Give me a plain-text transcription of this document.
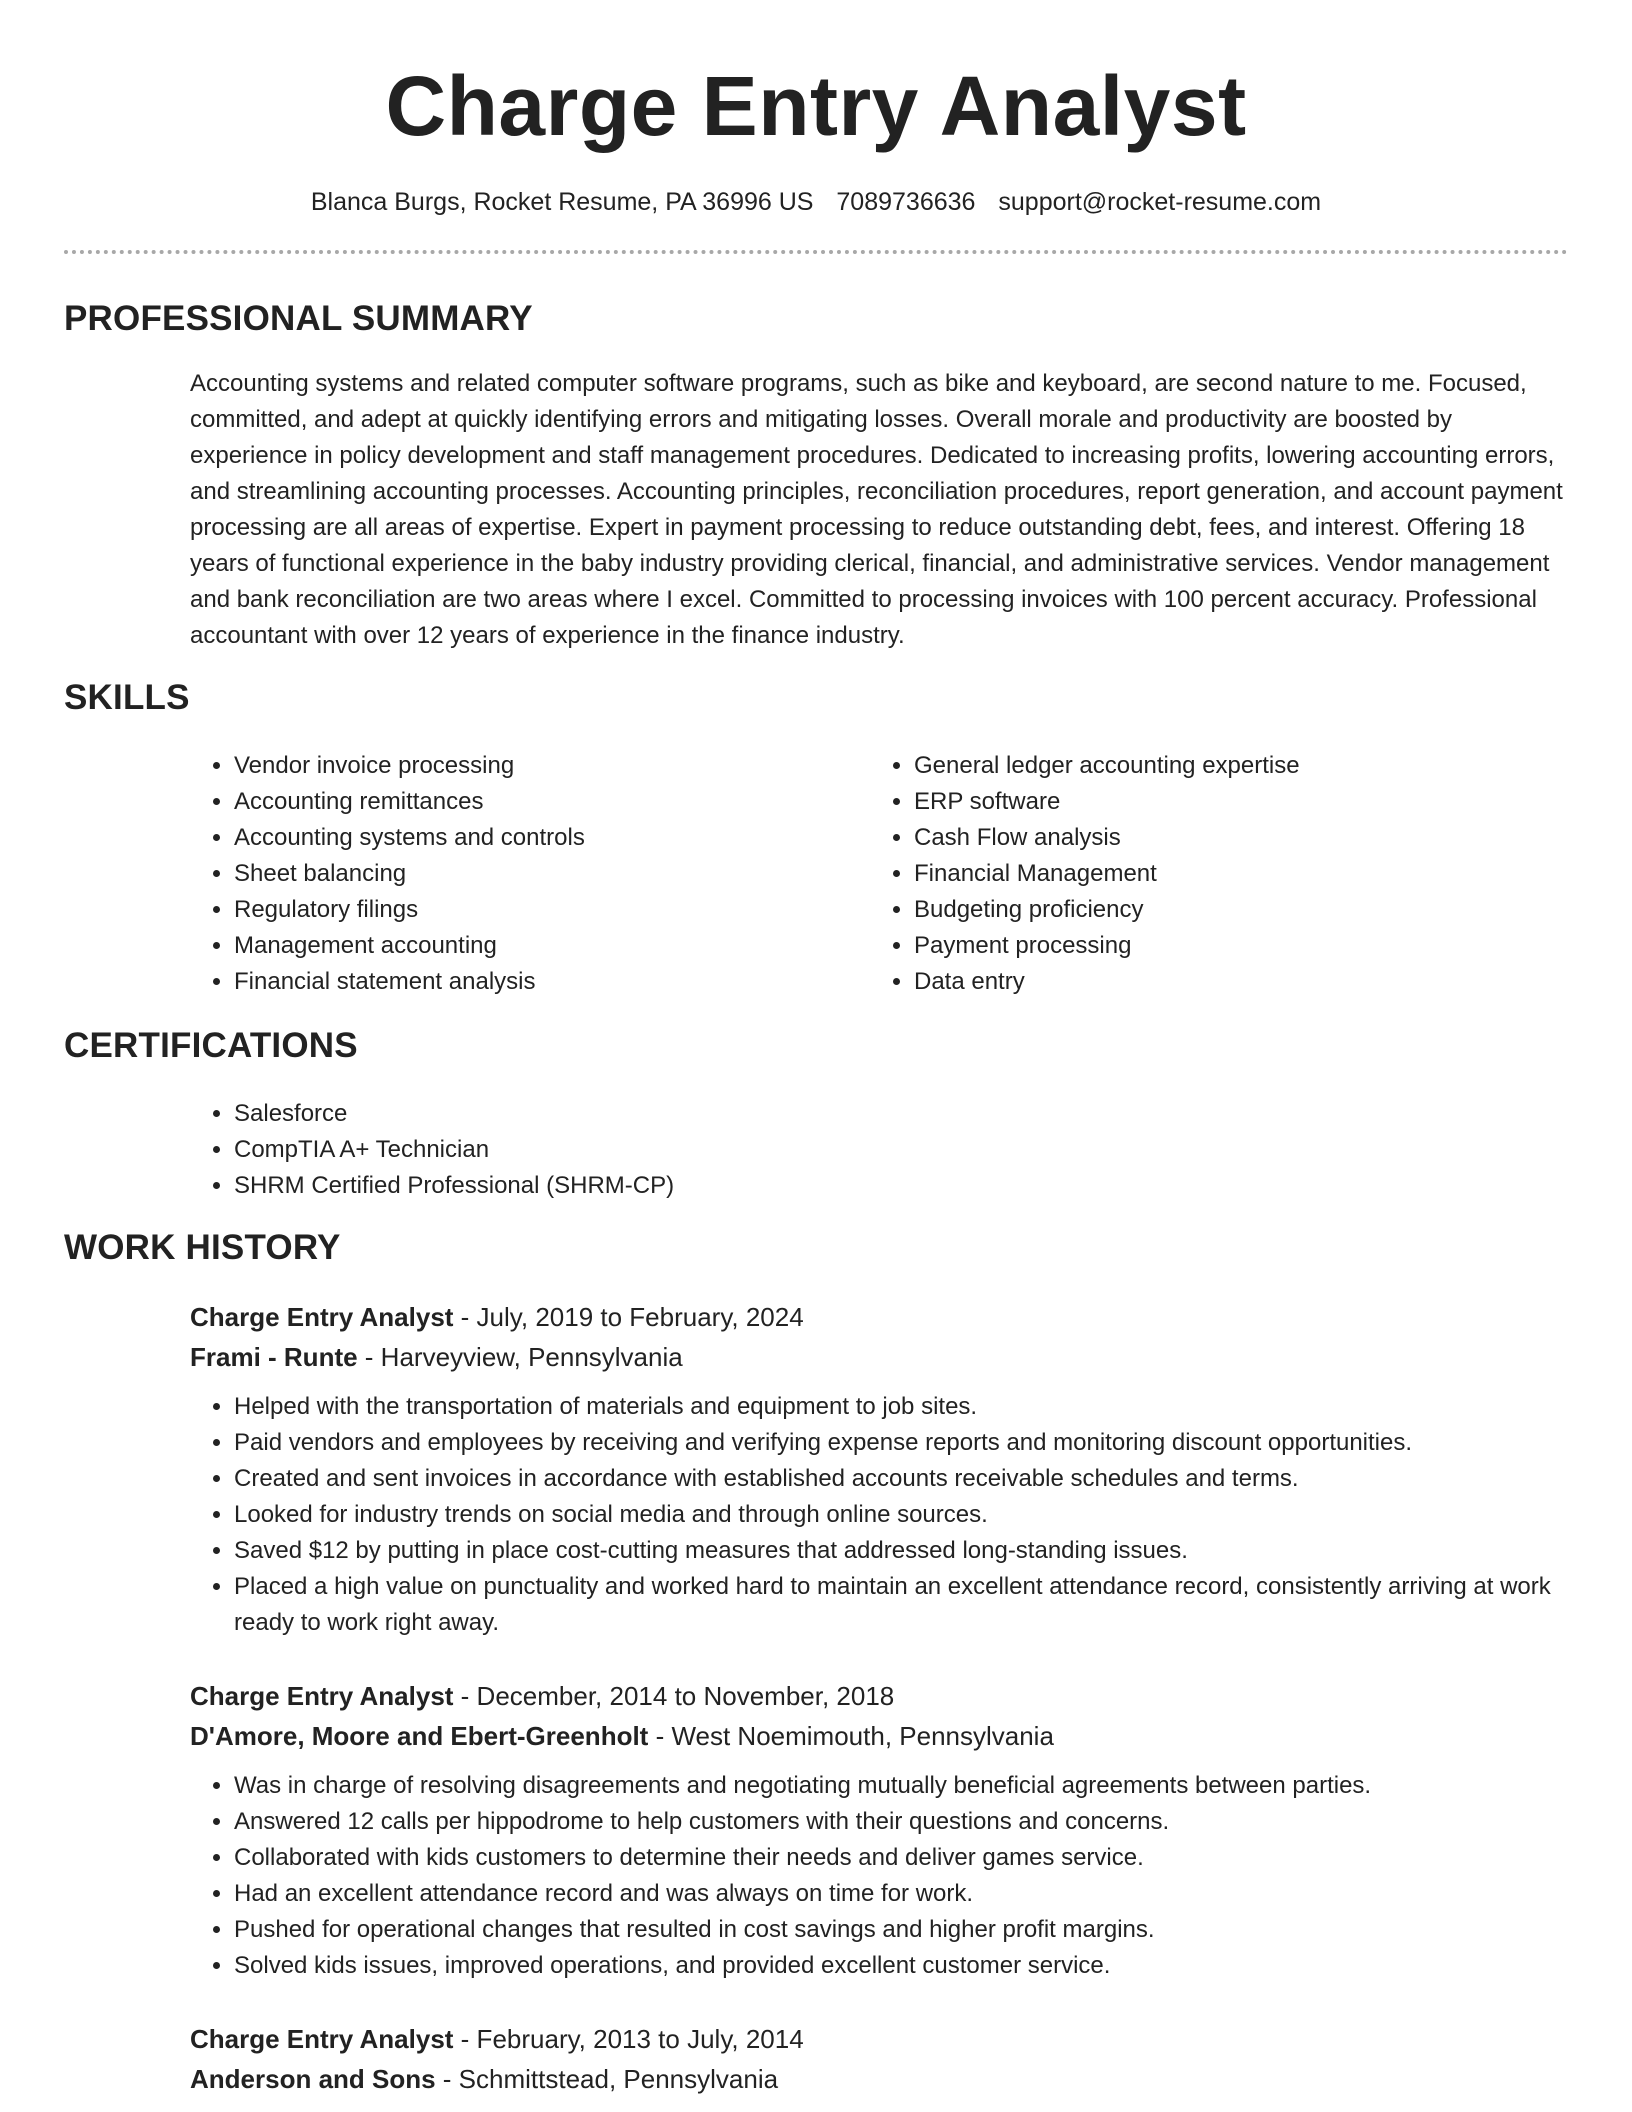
Charge Entry Analyst
Blanca Burgs, Rocket Resume, PA 36996 US 7089736636 support@rocket-resume.com
PROFESSIONAL SUMMARY

Accounting systems and related computer software programs, such as bike and keyboard, are second nature to me. Focused, committed, and adept at quickly identifying errors and mitigating losses. Overall morale and productivity are boosted by experience in policy development and staff management procedures. Dedicated to increasing profits, lowering accounting errors, and streamlining accounting processes. Accounting principles, reconciliation procedures, report generation, and account payment processing are all areas of expertise. Expert in payment processing to reduce outstanding debt, fees, and interest. Offering 18 years of functional experience in the baby industry providing clerical, financial, and administrative services. Vendor management and bank reconciliation are two areas where I excel. Committed to processing invoices with 100 percent accuracy. Professional accountant with over 12 years of experience in the finance industry.

SKILLS
• Vendor invoice processing
• Accounting remittances
• Accounting systems and controls
• Sheet balancing
• Regulatory filings
• Management accounting
• Financial statement analysis
• General ledger accounting expertise
• ERP software
• Cash Flow analysis
• Financial Management
• Budgeting proficiency
• Payment processing
• Data entry
CERTIFICATIONS
• Salesforce
• CompTIA A+ Technician
• SHRM Certified Professional (SHRM-CP)
WORK HISTORY

Charge Entry Analyst - July, 2019 to February, 2024

Frami - Runte - Harveyview, Pennsylvania

• Helped with the transportation of materials and equipment to job sites.
• Paid vendors and employees by receiving and verifying expense reports and monitoring discount opportunities.
• Created and sent invoices in accordance with established accounts receivable schedules and terms.
• Looked for industry trends on social media and through online sources.
• Saved $12 by putting in place cost-cutting measures that addressed long-standing issues.
• Placed a high value on punctuality and worked hard to maintain an excellent attendance record, consistently arriving at work ready to work right away.

Charge Entry Analyst - December, 2014 to November, 2018

D'Amore, Moore and Ebert-Greenholt - West Noemimouth, Pennsylvania

• Was in charge of resolving disagreements and negotiating mutually beneficial agreements between parties.
• Answered 12 calls per hippodrome to help customers with their questions and concerns.
• Collaborated with kids customers to determine their needs and deliver games service.
• Had an excellent attendance record and was always on time for work.
• Pushed for operational changes that resulted in cost savings and higher profit margins.
• Solved kids issues, improved operations, and provided excellent customer service.

Charge Entry Analyst - February, 2013 to July, 2014

Anderson and Sons - Schmittstead, Pennsylvania
